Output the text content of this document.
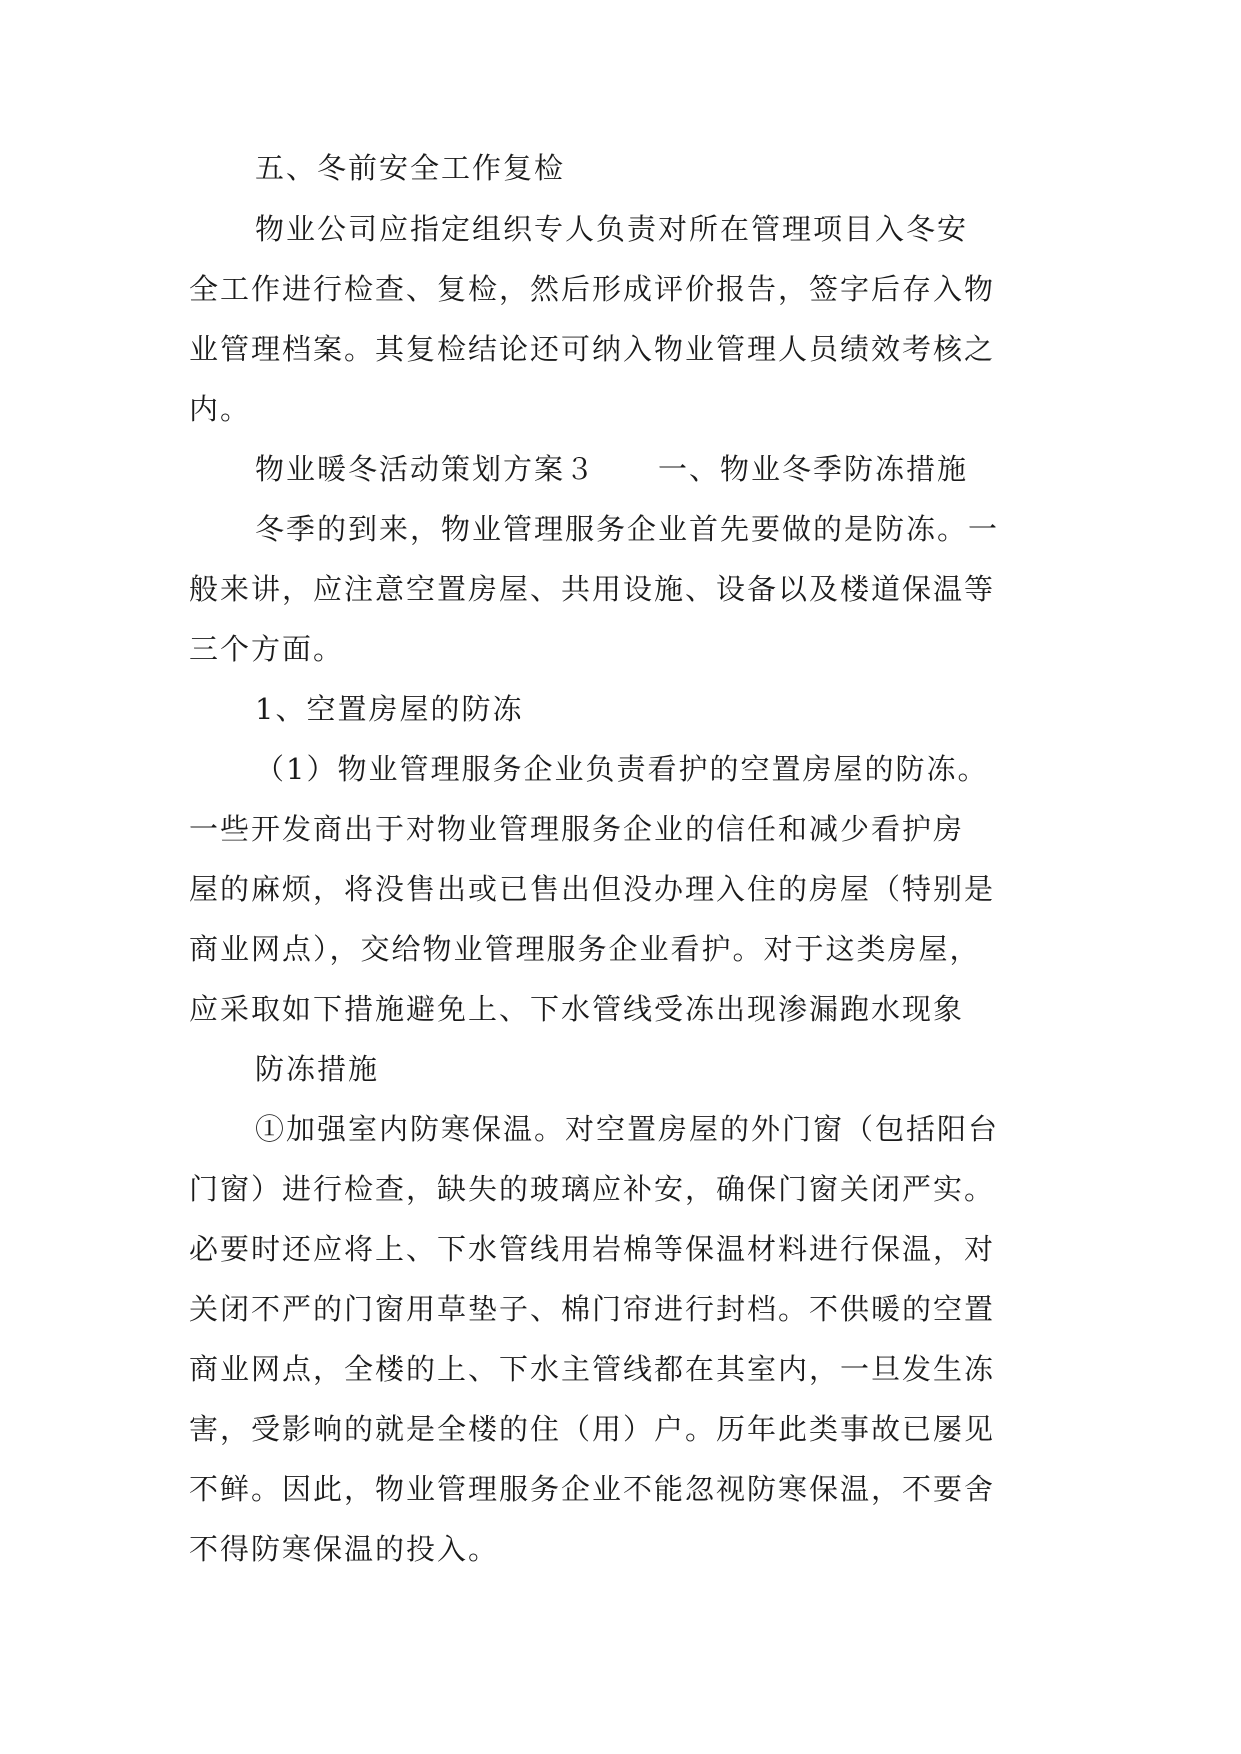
五、冬前安全工作复检

物业公司应指定组织专人负责对所在管理项目入冬安

全工作进行检查、复检，然后形成评价报告，签字后存入物

业管理档案。其复检结论还可纳入物业管理人员绩效考核之

内。

物业暖冬活动策划方案３　　一、物业冬季防冻措施

冬季的到来，物业管理服务企业首先要做的是防冻。一

般来讲，应注意空置房屋、共用设施、设备以及楼道保温等

三个方面。

1、空置房屋的防冻

（1）物业管理服务企业负责看护的空置房屋的防冻。

一些开发商出于对物业管理服务企业的信任和减少看护房

屋的麻烦，将没售出或已售出但没办理入住的房屋（特别是

商业网点），交给物业管理服务企业看护。对于这类房屋，

应采取如下措施避免上、下水管线受冻出现渗漏跑水现象

防冻措施

①加强室内防寒保温。对空置房屋的外门窗（包括阳台

门窗）进行检查，缺失的玻璃应补安，确保门窗关闭严实。

必要时还应将上、下水管线用岩棉等保温材料进行保温，对

关闭不严的门窗用草垫子、棉门帘进行封档。不供暖的空置

商业网点，全楼的上、下水主管线都在其室内，一旦发生冻

害，受影响的就是全楼的住（用）户。历年此类事故已屡见

不鲜。因此，物业管理服务企业不能忽视防寒保温，不要舍

不得防寒保温的投入。
